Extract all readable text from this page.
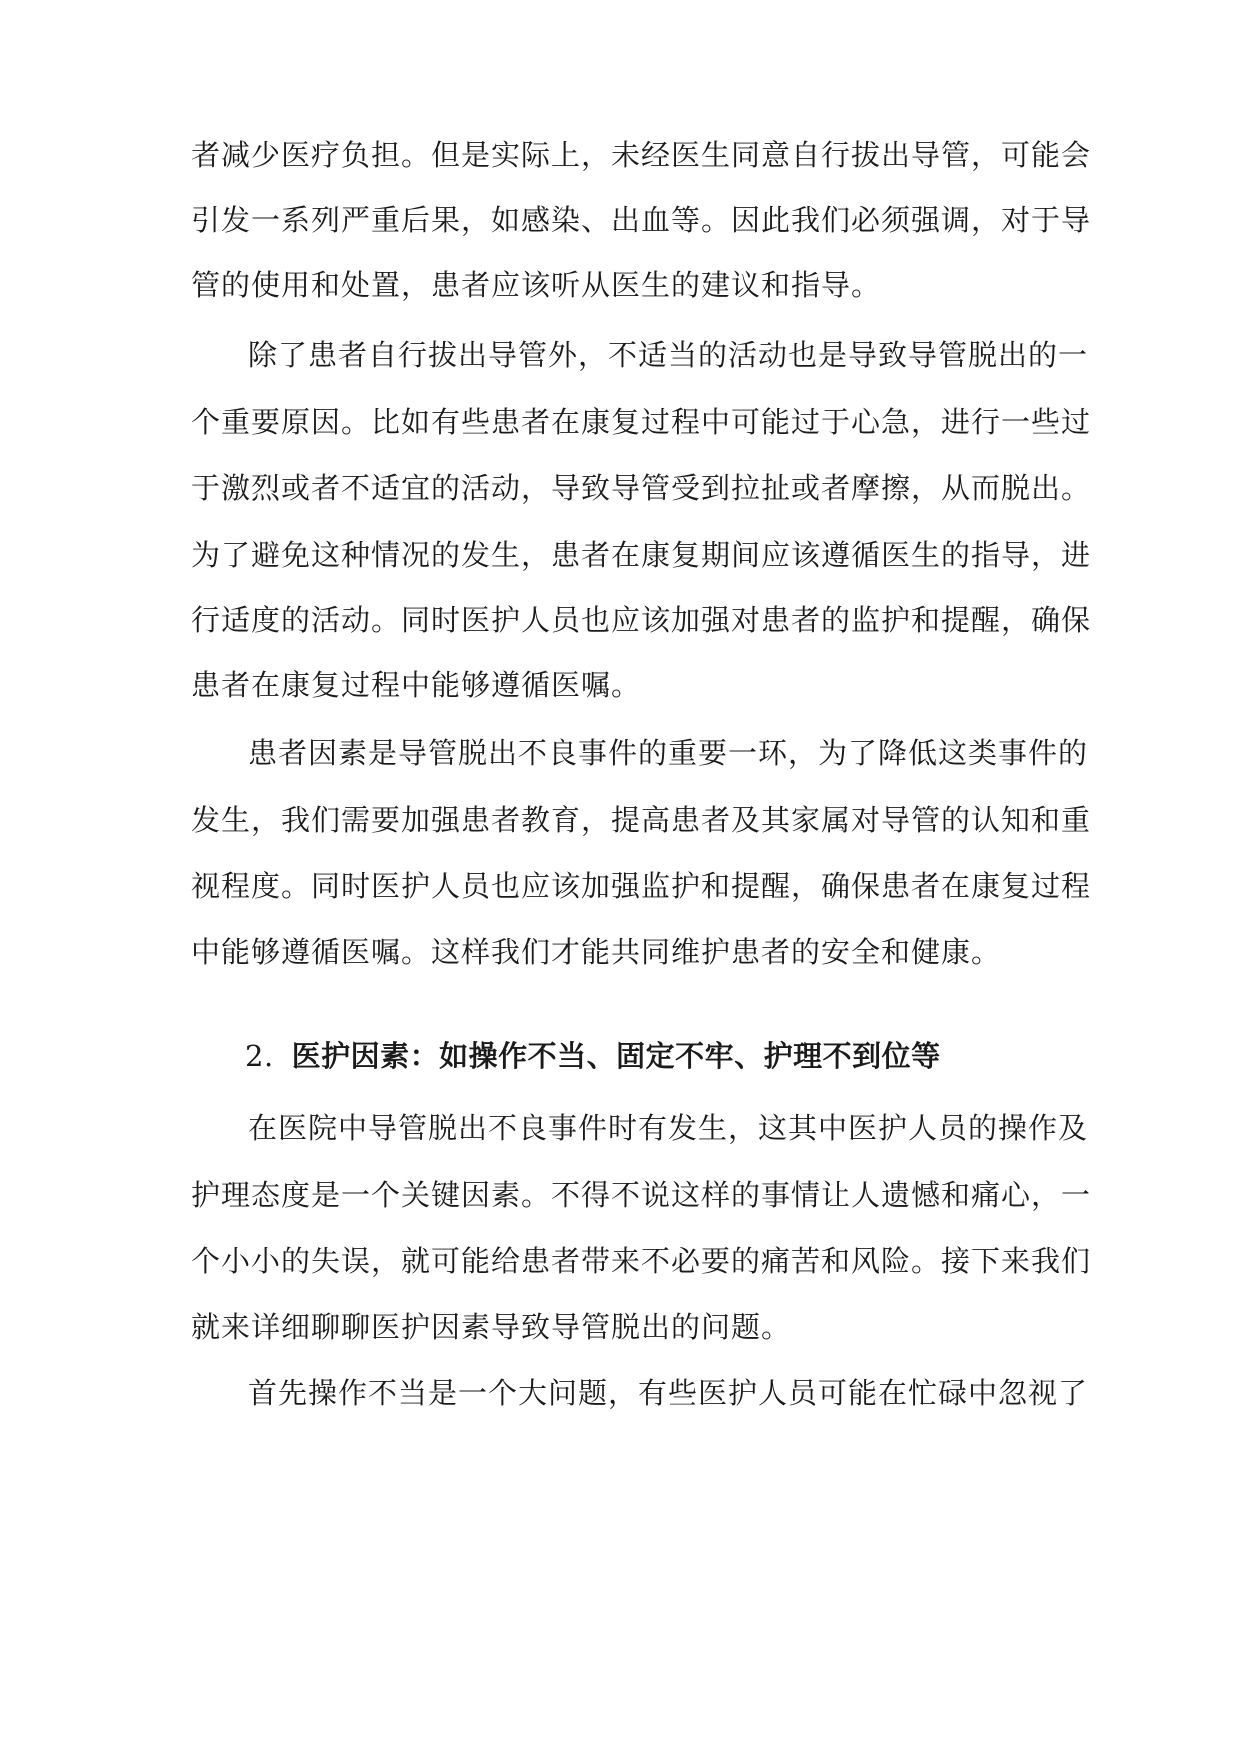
者减少医疗负担。但是实际上，未经医生同意自行拔出导管，可能会
引发一系列严重后果，如感染、出血等。因此我们必须强调，对于导
管的使用和处置，患者应该听从医生的建议和指导。
除了患者自行拔出导管外，不适当的活动也是导致导管脱出的一
个重要原因。比如有些患者在康复过程中可能过于心急，进行一些过
于激烈或者不适宜的活动，导致导管受到拉扯或者摩擦，从而脱出。
为了避免这种情况的发生，患者在康复期间应该遵循医生的指导，进
行适度的活动。同时医护人员也应该加强对患者的监护和提醒，确保
患者在康复过程中能够遵循医嘱。
患者因素是导管脱出不良事件的重要一环，为了降低这类事件的
发生，我们需要加强患者教育，提高患者及其家属对导管的认知和重
视程度。同时医护人员也应该加强监护和提醒，确保患者在康复过程
中能够遵循医嘱。这样我们才能共同维护患者的安全和健康。
2. 医护因素：如操作不当、固定不牢、护理不到位等
在医院中导管脱出不良事件时有发生，这其中医护人员的操作及
护理态度是一个关键因素。不得不说这样的事情让人遗憾和痛心，一
个小小的失误，就可能给患者带来不必要的痛苦和风险。接下来我们
就来详细聊聊医护因素导致导管脱出的问题。
首先操作不当是一个大问题，有些医护人员可能在忙碌中忽视了
